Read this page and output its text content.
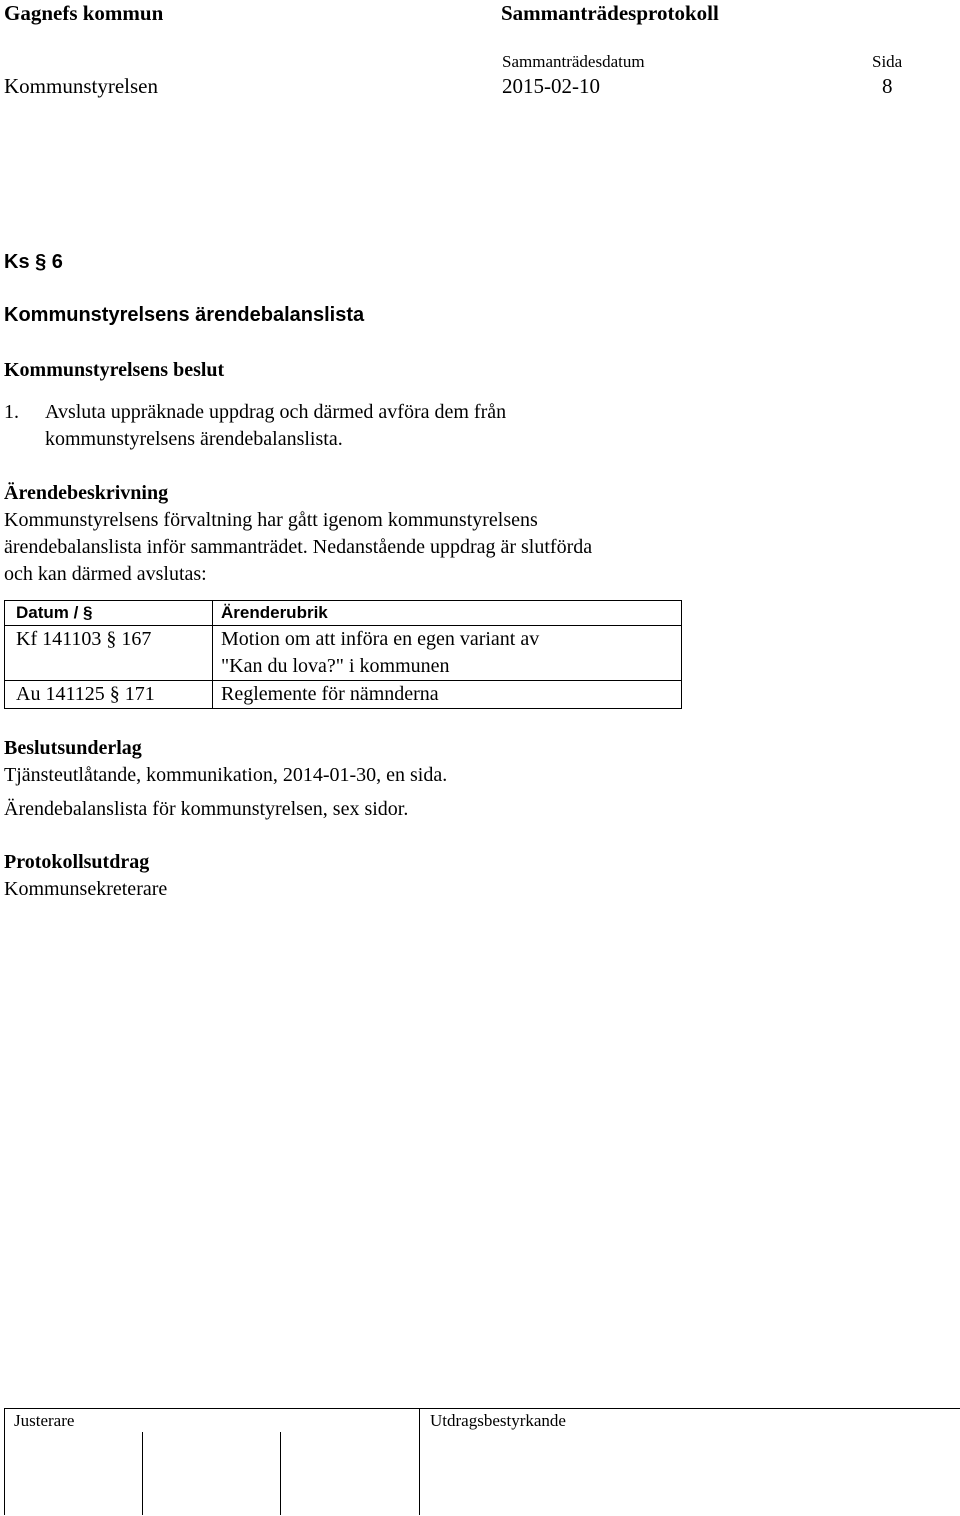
Gagnefs kommun	Sammanträdesprotokoll
Sammanträdesdatum	Sida
Kommunstyrelsen	2015-02-10	8
Ks § 6
Kommunstyrelsens ärendebalanslista
Kommunstyrelsens beslut
1. Avsluta uppräknade uppdrag och därmed avföra dem från
kommunstyrelsens ärendebalanslista.
Ärendebeskrivning
Kommunstyrelsens förvaltning har gått igenom kommunstyrelsens
ärendebalanslista inför sammanträdet. Nedanstående uppdrag är slutförda
och kan därmed avslutas:
Datum / §	Ärenderubrik
Kf 141103 § 167	Motion om att införa en egen variant av
"Kan du lova?" i kommunen

Au 141125 § 171	Reglemente för nämnderna
Beslutsunderlag
Tjänsteutlåtande, kommunikation, 2014-01-30, en sida.
Ärendebalanslista för kommunstyrelsen, sex sidor.
Protokollsutdrag
Kommunsekreterare
Justerare	Utdragsbestyrkande
